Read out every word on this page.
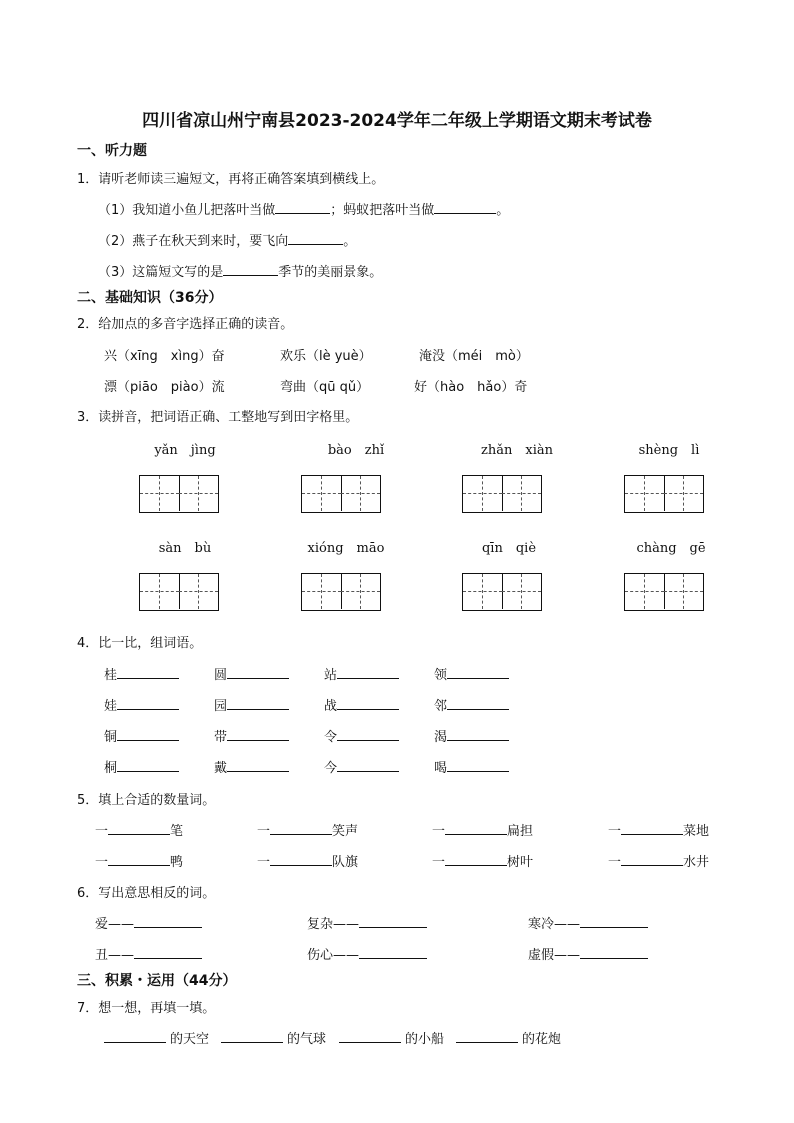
四川省凉山州宁南县2023-2024学年二年级上学期语文期末考试卷
一、听力题
1．请听老师读三遍短文，再将正确答案填到横线上。
（1）我知道小鱼儿把落叶当做	；蚂蚁把落叶当做	。
（2）燕子在秋天到来时，要飞向	。
（3）这篇短文写的是	季节的美丽景象。
二、基础知识（36分）
2．给加点的多音字选择正确的读音。
兴（xīng　xìng）奋	欢乐（lè yuè）	淹没（méi　mò）
漂（piāo　piào）流	弯曲（qū qǔ）	好（hào　hǎo）奇
3．读拼音，把词语正确、工整地写到田字格里。
yǎn　jìng	bào　zhǐ	zhǎn　xiàn	shèng　lì
sàn　bù	xióng　māo	qīn　qiè	chàng　gē
4．比一比，组词语。
桂	圆	站	领
娃	园	战	邻
铜	带	令	渴
桐	戴	今	喝
5．填上合适的数量词。
一	笔	一	笑声	一	扁担	一	菜地
一	鸭	一	队旗	一	树叶	一	水井
6．写出意思相反的词。
爱——	复杂——	寒冷——
丑——	伤心——	虚假——
三、积累・运用（44分）
7．想一想，再填一填。
的天空	的气球	的小船	的花炮
